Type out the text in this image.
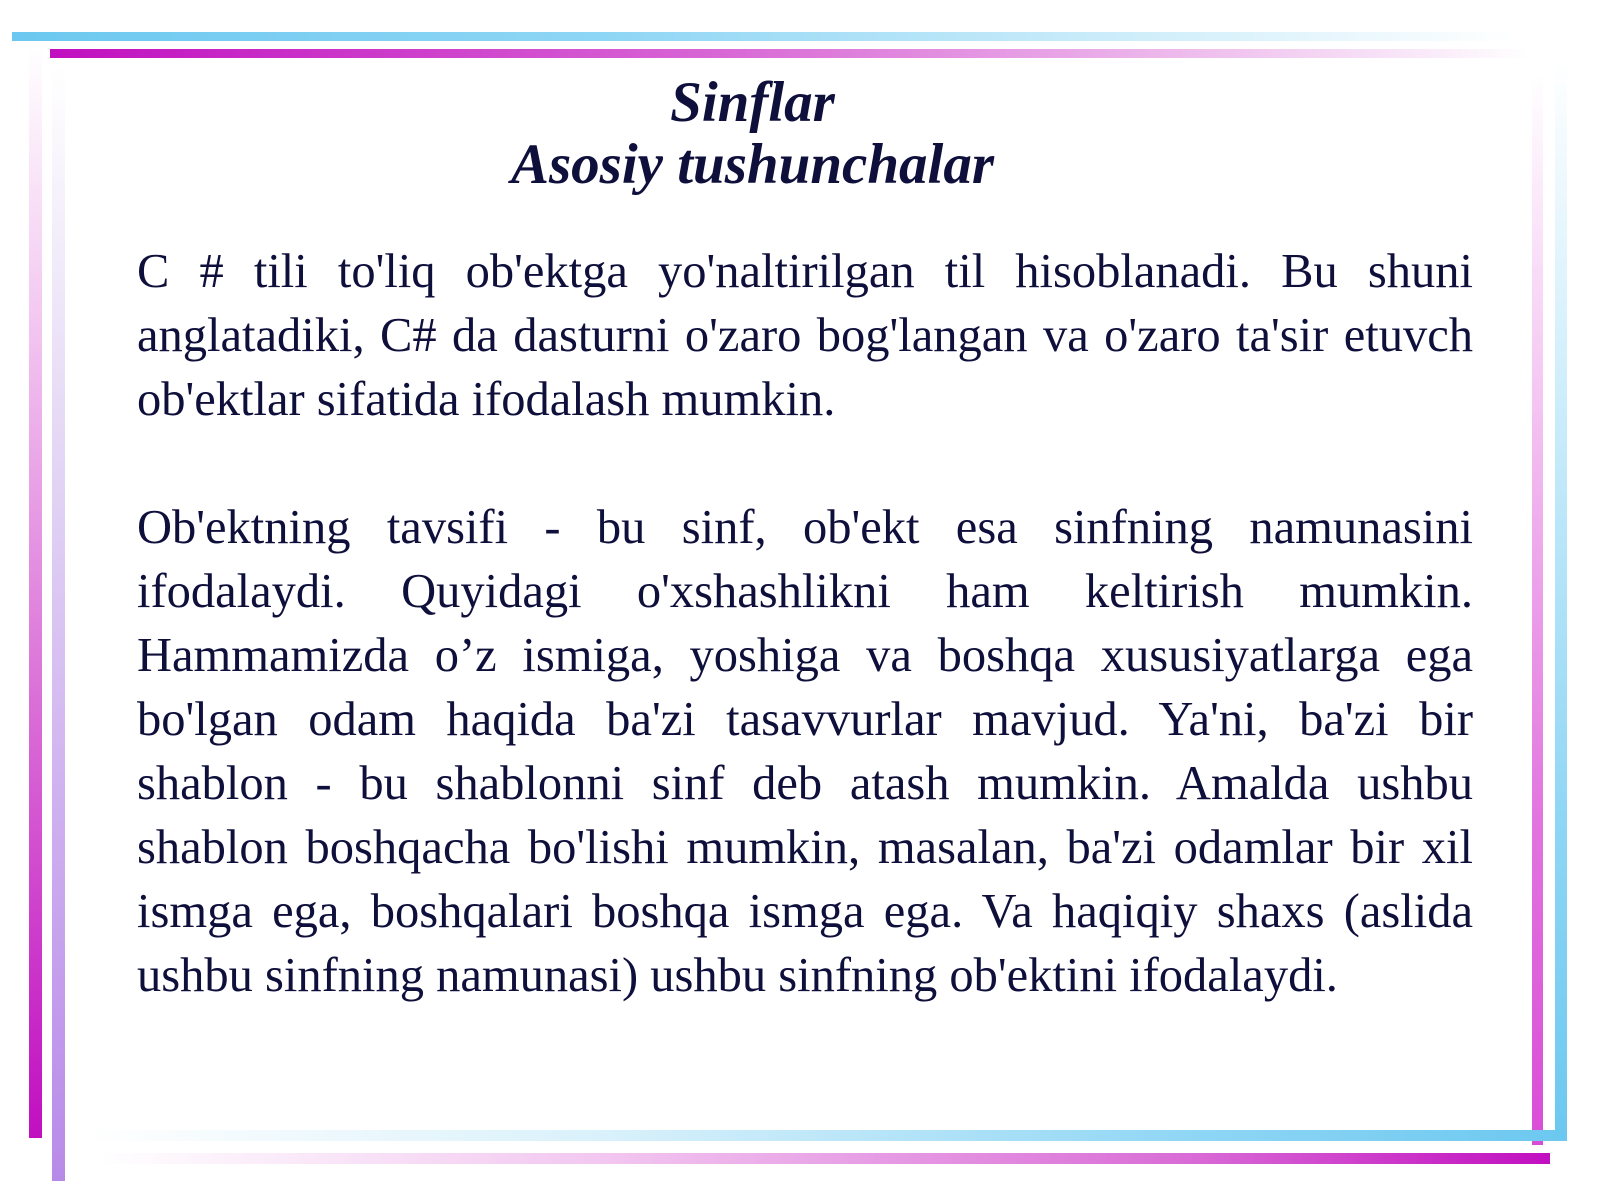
Sinflar
Asosiy tushunchalar

C # tili to'liq ob'ektga yo'naltirilgan til hisoblanadi. Bu shuni anglatadiki, C# da dasturni o'zaro bog'langan va o'zaro ta'sir etuvch ob'ektlar sifatida ifodalash mumkin.

Ob'ektning tavsifi - bu sinf, ob'ekt esa sinfning namunasini ifodalaydi. Quyidagi o'xshashlikni ham keltirish mumkin. Hammamizda o’z ismiga, yoshiga va boshqa xususiyatlarga ega bo'lgan odam haqida ba'zi tasavvurlar mavjud. Ya'ni, ba'zi bir shablon - bu shablonni sinf deb atash mumkin. Amalda ushbu shablon boshqacha bo'lishi mumkin, masalan, ba'zi odamlar bir xil ismga ega, boshqalari boshqa ismga ega. Va haqiqiy shaxs (aslida ushbu sinfning namunasi) ushbu sinfning ob'ektini ifodalaydi.
